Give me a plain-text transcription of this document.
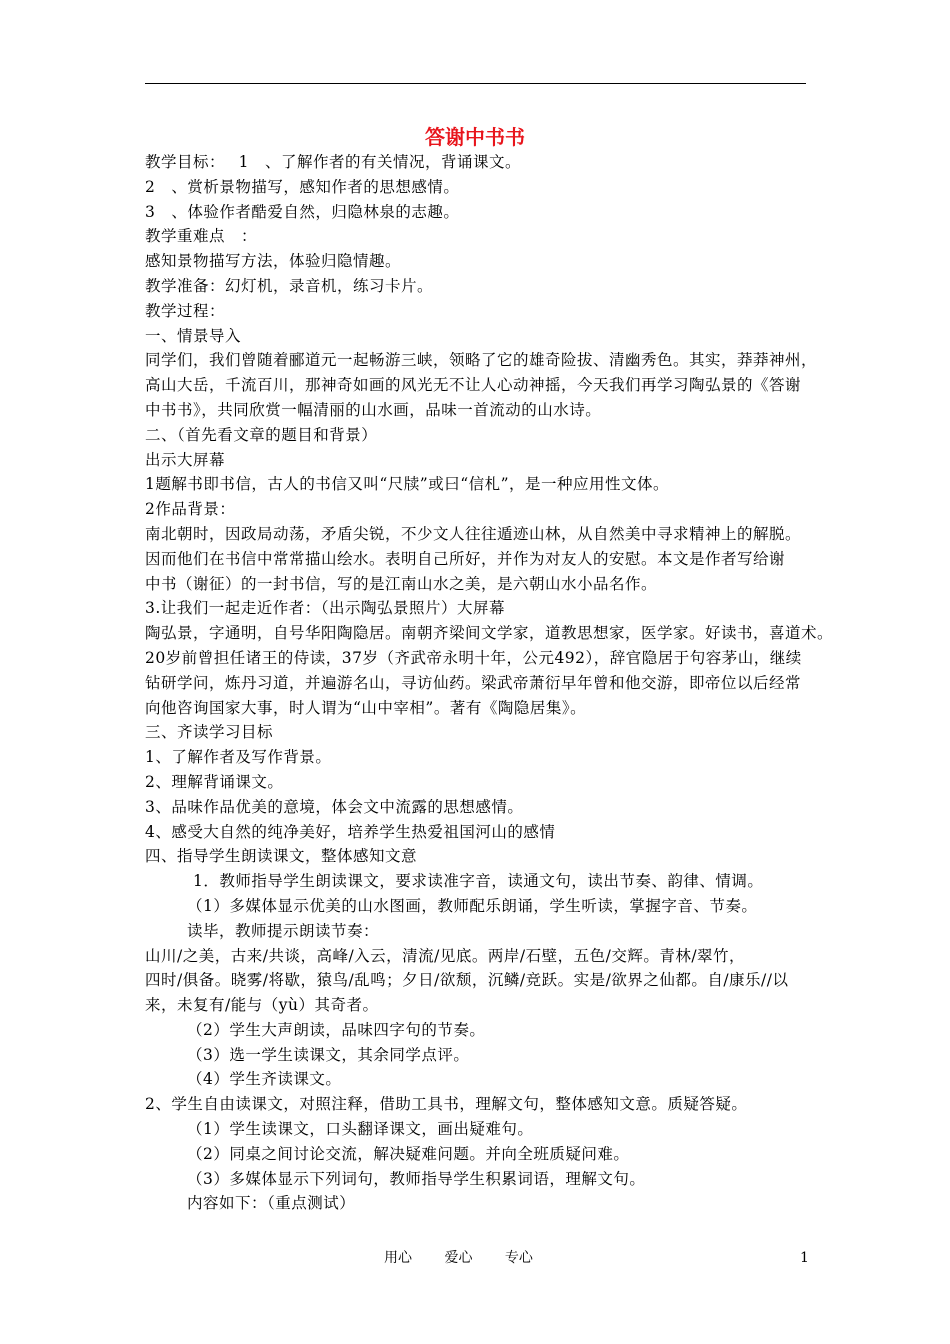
答谢中书书
教学目标：　 1　、了解作者的有关情况，背诵课文。
2　、赏析景物描写，感知作者的思想感情。
3　、体验作者酷爱自然，归隐林泉的志趣。
教学重难点　：
感知景物描写方法，体验归隐情趣。
教学准备：幻灯机，录音机，练习卡片。
教学过程：
一、情景导入
同学们，我们曾随着郦道元一起畅游三峡，领略了它的雄奇险拔、清幽秀色。其实，莽莽神州，
高山大岳，千流百川，那神奇如画的风光无不让人心动神摇，今天我们再学习陶弘景的《答谢
中书书》，共同欣赏一幅清丽的山水画，品味一首流动的山水诗。
二、（首先看文章的题目和背景）
出示大屏幕
1题解书即书信，古人的书信又叫“尺牍”或曰“信札”，是一种应用性文体。
2作品背景：
南北朝时，因政局动荡，矛盾尖锐，不少文人往往遁迹山林，从自然美中寻求精神上的解脱。
因而他们在书信中常常描山绘水。表明自己所好，并作为对友人的安慰。本文是作者写给谢
中书（谢征）的一封书信，写的是江南山水之美，是六朝山水小品名作。
3.让我们一起走近作者：（出示陶弘景照片）大屏幕
陶弘景，字通明，自号华阳陶隐居。南朝齐梁间文学家，道教思想家，医学家。好读书，喜道术。
20岁前曾担任诸王的侍读，37岁（齐武帝永明十年，公元492），辞官隐居于句容茅山，继续
钻研学问，炼丹习道，并遍游名山，寻访仙药。梁武帝萧衍早年曾和他交游，即帝位以后经常
向他咨询国家大事，时人谓为“山中宰相”。著有《陶隐居集》。
三、齐读学习目标
1、了解作者及写作背景。
2、理解背诵课文。
3、品味作品优美的意境，体会文中流露的思想感情。
4、感受大自然的纯净美好，培养学生热爱祖国河山的感情
四、指导学生朗读课文，整体感知文意
1．教师指导学生朗读课文，要求读准字音，读通文句，读出节奏、韵律、情调。
（1）多媒体显示优美的山水图画，教师配乐朗诵，学生听读，掌握字音、节奏。
读毕，教师提示朗读节奏：
山川/之美，古来/共谈，高峰/入云，清流/见底。两岸/石壁，五色/交辉。青林/翠竹，
四时/俱备。晓雾/将歇，猿鸟/乱鸣；夕日/欲颓，沉鳞/竞跃。实是/欲界之仙都。自/康乐//以
来，未复有/能与（yù）其奇者。
（2）学生大声朗读，品味四字句的节奏。
（3）选一学生读课文，其余同学点评。
（4）学生齐读课文。
2、学生自由读课文，对照注释，借助工具书，理解文句，整体感知文意。质疑答疑。
（1）学生读课文，口头翻译课文，画出疑难句。
（2）同桌之间讨论交流，解决疑难问题。并向全班质疑问难。
（3）多媒体显示下列词句，教师指导学生积累词语，理解文句。
内容如下：（重点测试）
用心 爱心 专心	1
